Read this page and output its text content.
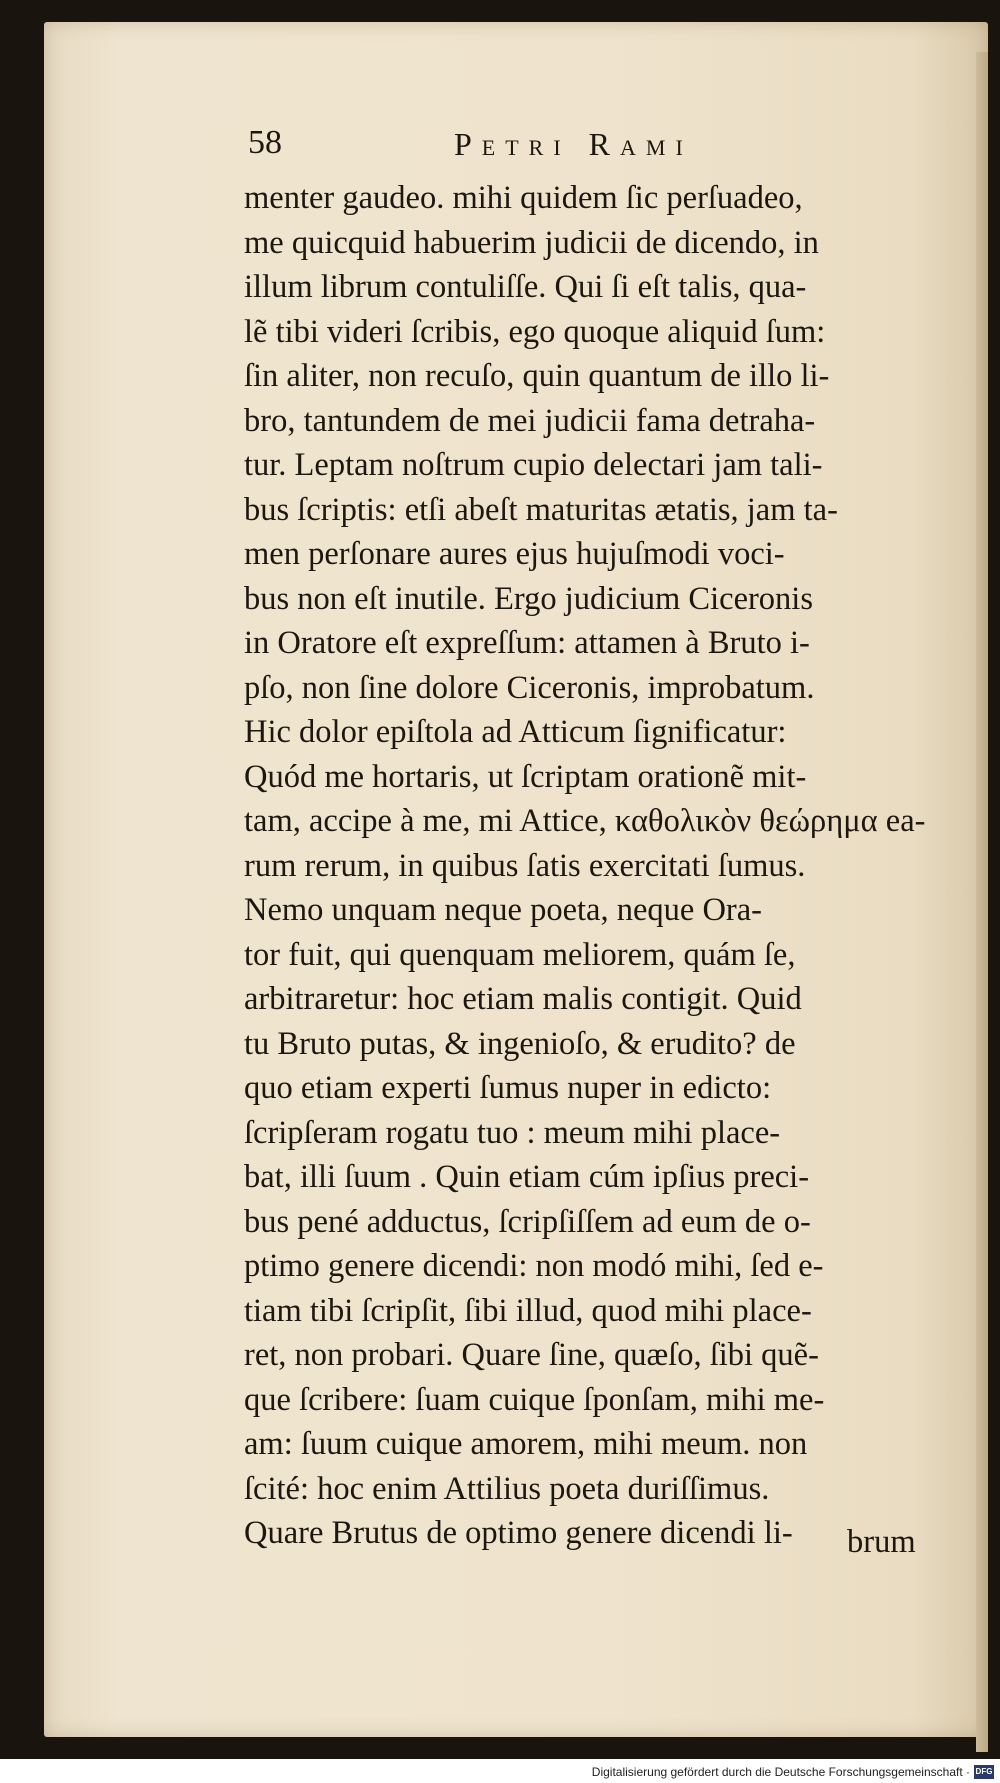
58	Petri Rami
menter gaudeo. mihi quidem ſic perſuadeo,
me quicquid habuerim judicii de dicendo, in
illum librum contuliſſe. Qui ſi eſt talis, qua-
lẽ tibi videri ſcribis, ego quoque aliquid ſum:
ſin aliter, non recuſo, quin quantum de illo li-
bro, tantundem de mei judicii fama detraha-
tur. Leptam noſtrum cupio delectari jam tali-
bus ſcriptis: etſi abeſt maturitas ætatis, jam ta-
men perſonare aures ejus hujuſmodi voci-
bus non eſt inutile. Ergo judicium Ciceronis
in Oratore eſt expreſſum: attamen à Bruto i-
pſo, non ſine dolore Ciceronis, improbatum.
Hic dolor epiſtola ad Atticum ſignificatur:
Quód me hortaris, ut ſcriptam orationẽ mit-
tam, accipe à me, mi Attice, καθολικὸν θεώρημα ea-
rum rerum, in quibus ſatis exercitati ſumus.
Nemo unquam neque poeta, neque Ora-
tor fuit, qui quenquam meliorem, quám ſe,
arbitraretur: hoc etiam malis contigit. Quid
tu Bruto putas, & ingenioſo, & erudito? de
quo etiam experti ſumus nuper in edicto:
ſcripſeram rogatu tuo : meum mihi place-
bat, illi ſuum . Quin etiam cúm ipſius preci-
bus pené adductus, ſcripſiſſem ad eum de o-
ptimo genere dicendi: non modó mihi, ſed e-
tiam tibi ſcripſit, ſibi illud, quod mihi place-
ret, non probari. Quare ſine, quæſo, ſibi quẽ-
que ſcribere: ſuam cuique ſponſam, mihi me-
am: ſuum cuique amorem, mihi meum. non
ſcité: hoc enim Attilius poeta duriſſimus.
Quare Brutus de optimo genere dicendi li-	brum
Digitalisierung gefördert durch die Deutsche Forschungsgemeinschaft · DFG
